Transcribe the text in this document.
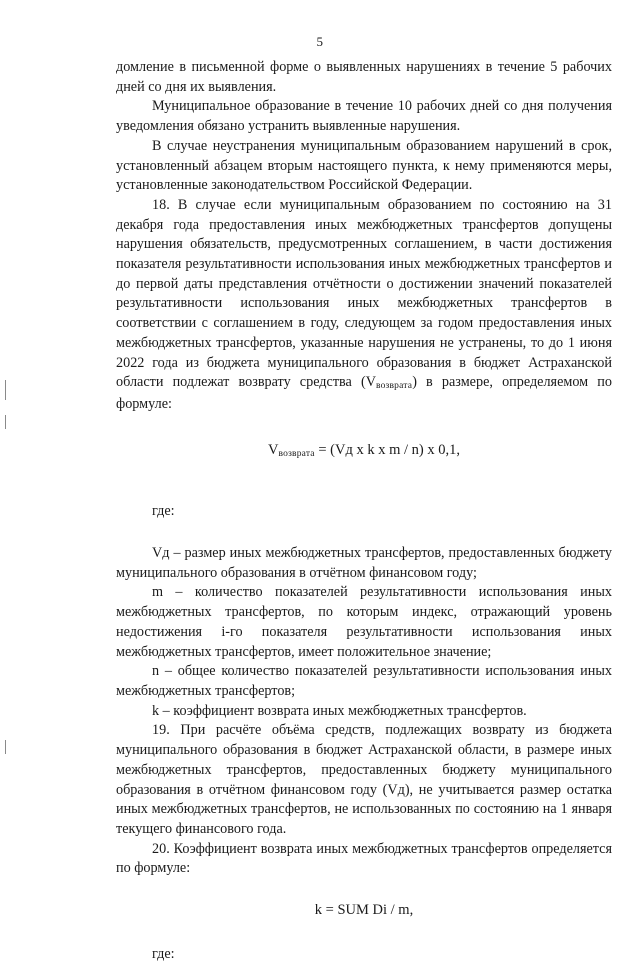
5

домление в письменной форме о выявленных нарушениях в течение 5 рабочих дней со дня их выявления.

Муниципальное образование в течение 10 рабочих дней со дня получения уведомления обязано устранить выявленные нарушения.

В случае неустранения муниципальным образованием нарушений в срок, установленный абзацем вторым настоящего пункта, к нему применяются меры, установленные законодательством Российской Федерации.

18. В случае если муниципальным образованием по состоянию на 31 декабря года предоставления иных межбюджетных трансфертов допущены нарушения обязательств, предусмотренных соглашением, в части достижения показателя результативности использования иных межбюджетных трансфертов и до первой даты представления отчётности о достижении значений показателей результативности использования иных межбюджетных трансфертов в соответствии с соглашением в году, следующем за годом предоставления иных межбюджетных трансфертов, указанные нарушения не устранены, то до 1 июня 2022 года из бюджета муниципального образования в бюджет Астраханской области подлежат возврату средства (Vвозврата) в размере, определяемом по формуле:

Vвозврата = (Vд x k x m / n) x 0,1,

где:

Vд – размер иных межбюджетных трансфертов, предоставленных бюджету муниципального образования в отчётном финансовом году;

m – количество показателей результативности использования иных межбюджетных трансфертов, по которым индекс, отражающий уровень недостижения i-го показателя результативности использования иных межбюджетных трансфертов, имеет положительное значение;

n – общее количество показателей результативности использования иных межбюджетных трансфертов;

k – коэффициент возврата иных межбюджетных трансфертов.

19. При расчёте объёма средств, подлежащих возврату из бюджета муниципального образования в бюджет Астраханской области, в размере иных межбюджетных трансфертов, предоставленных бюджету муниципального образования в отчётном финансовом году (Vд), не учитывается размер остатка иных межбюджетных трансфертов, не использованных по состоянию на 1 января текущего финансового года.

20. Коэффициент возврата иных межбюджетных трансфертов определяется по формуле:

k = SUM Di / m,

где:
